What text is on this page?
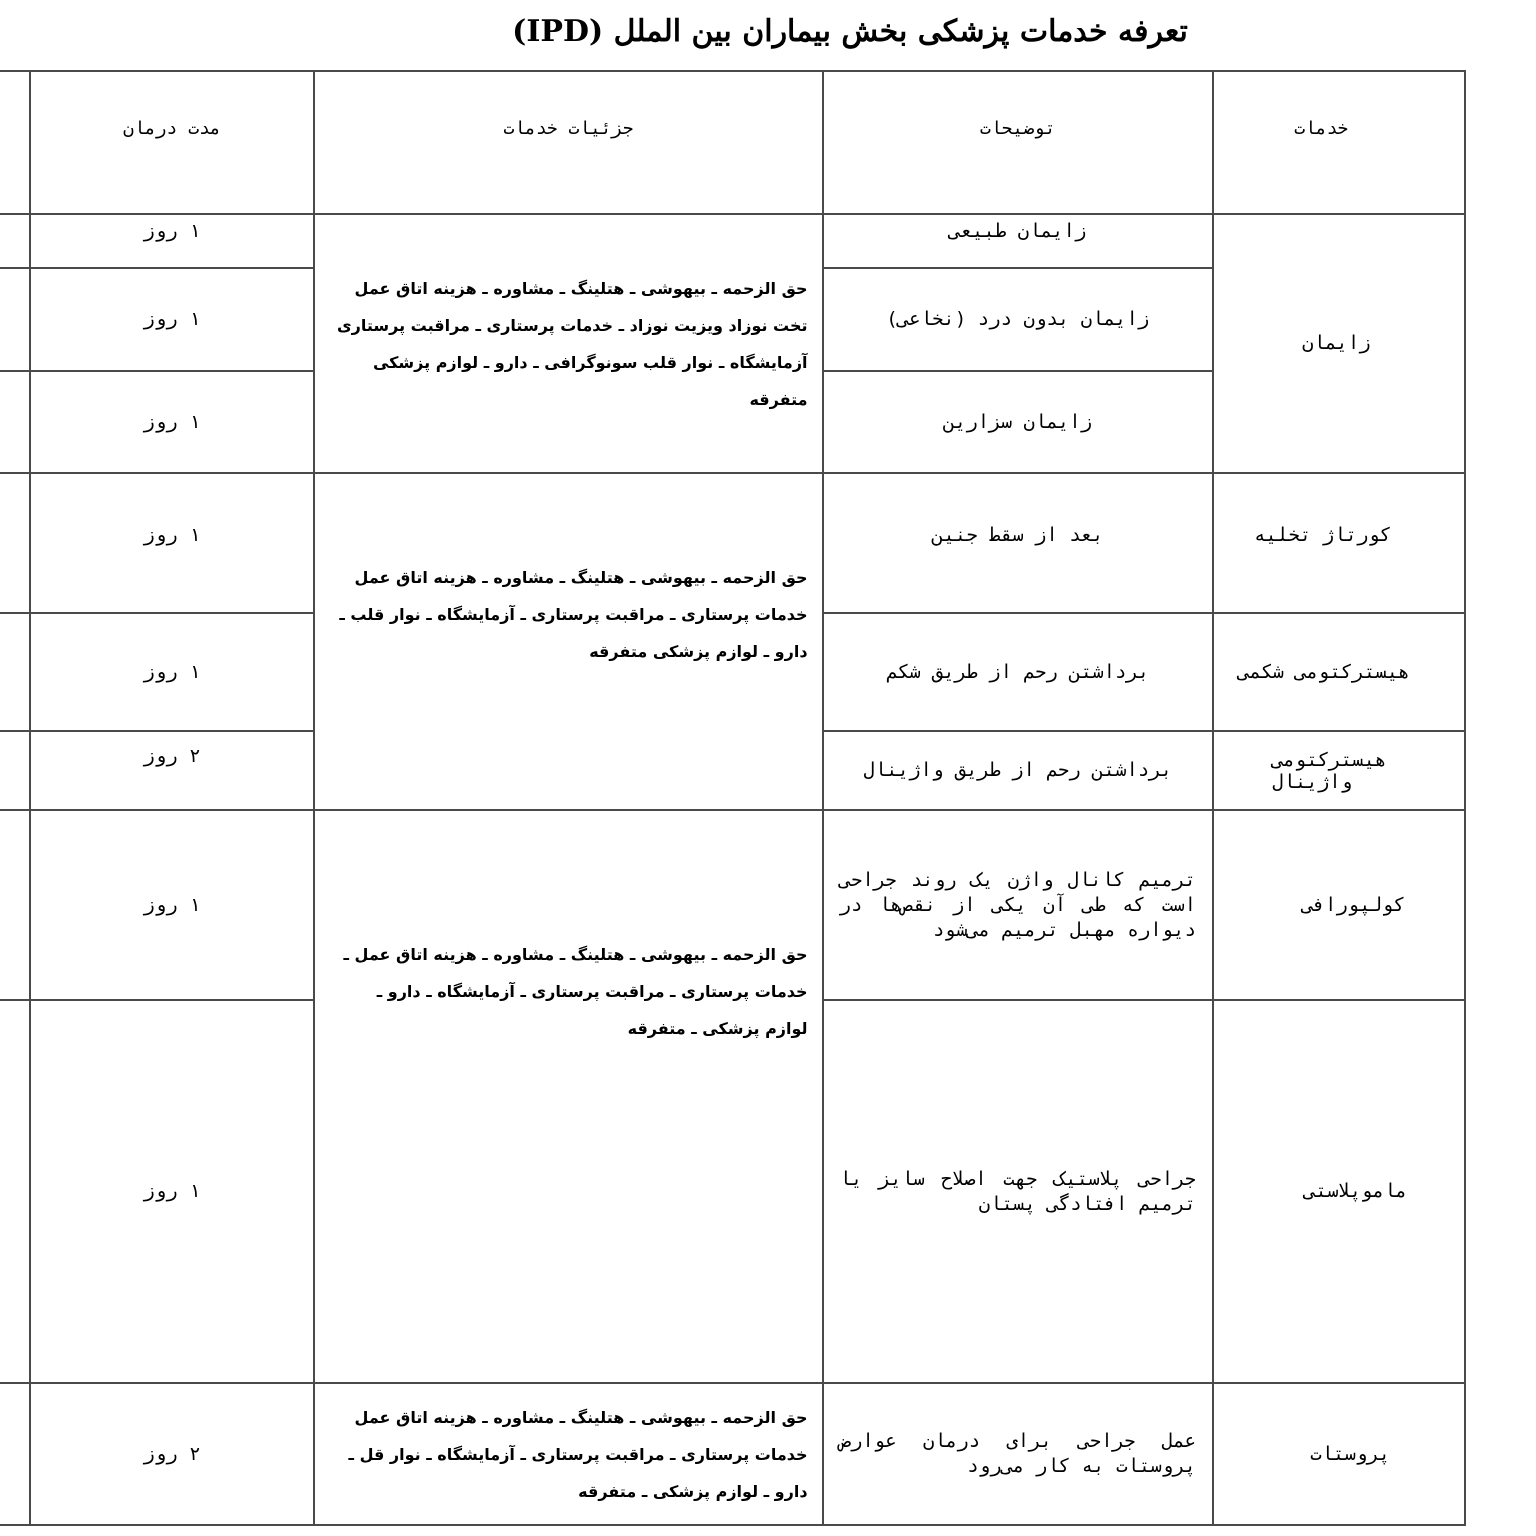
تعرفه خدمات پزشکی بخش بیماران بین الملل (IPD)
خدمات	توضیحات	جزئیات خدمات	مدت درمان	
زایمان	زایمان طبیعی	حق الزحمه ـ بیهوشی ـ هتلینگ ـ مشاوره ـ هزینه اتاق عمل تخت نوزاد ویزیت نوزاد ـ خدمات پرستاری ـ مراقبت پرستاری آزمایشگاه ـ نوار قلب سونوگرافی ـ دارو ـ لوازم پزشکی متفرقه	۱ روز	
	زایمان بدون درد (نخاعی)		۱ روز	
	زایمان سزارین		۱ روز	
کورتاژ تخلیه	بعد از سقط جنین	حق الزحمه ـ بیهوشی ـ هتلینگ ـ مشاوره ـ هزینه اتاق عمل خدمات پرستاری ـ مراقبت پرستاری ـ آزمایشگاه ـ نوار قلب ـ دارو ـ لوازم پزشکی متفرقه	۱ روز	
هیسترکتومی شکمی	برداشتن رحم از طریق شکم		۱ روز	
هیسترکتومی واژینال	برداشتن رحم از طریق واژینال		۲ روز	
کولپورافی	ترمیم کانال واژن یک روند جراحی است که طی آن یکی از نقص‌ها در دیواره مهبل ترمیم می‌شود	حق الزحمه ـ بیهوشی ـ هتلینگ ـ مشاوره ـ هزینه اتاق عمل ـ خدمات پرستاری ـ مراقبت پرستاری ـ آزمایشگاه ـ دارو ـ لوازم پزشکی ـ متفرقه	۱ روز	
ماموپلاستی	جراحی پلاستیک جهت اصلاح سایز یا ترمیم افتادگی پستان		۱ روز	
پروستات	عمل جراحی برای درمان عوارض پروستات به کار می‌رود	حق الزحمه ـ بیهوشی ـ هتلینگ ـ مشاوره ـ هزینه اتاق عمل خدمات پرستاری ـ مراقبت پرستاری ـ آزمایشگاه ـ نوار قل ـ دارو ـ لوازم پزشکی ـ متفرقه	۲ روز	
